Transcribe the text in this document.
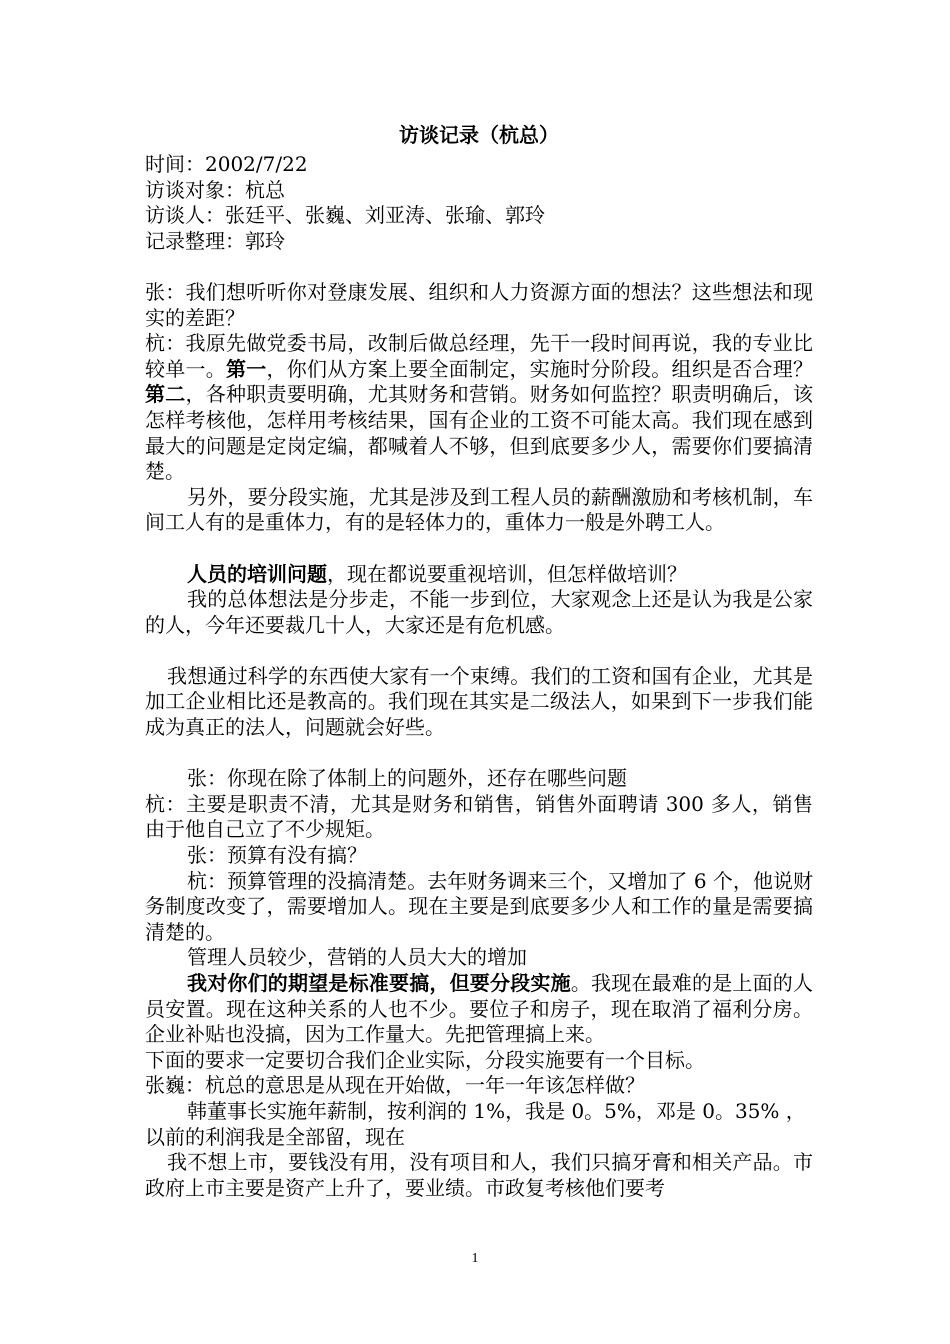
访谈记录（杭总）

时间：2002/7/22

访谈对象：杭总

访谈人：张廷平、张巍、刘亚涛、张瑜、郭玲

记录整理：郭玲

张：我们想听听你对登康发展、组织和人力资源方面的想法？这些想法和现实的差距？

杭：我原先做党委书局，改制后做总经理，先干一段时间再说，我的专业比较单一。第一，你们从方案上要全面制定，实施时分阶段。组织是否合理？第二，各种职责要明确，尤其财务和营销。财务如何监控？职责明确后，该怎样考核他，怎样用考核结果，国有企业的工资不可能太高。我们现在感到最大的问题是定岗定编，都喊着人不够，但到底要多少人，需要你们要搞清楚。

另外，要分段实施，尤其是涉及到工程人员的薪酬激励和考核机制，车间工人有的是重体力，有的是轻体力的，重体力一般是外聘工人。

人员的培训问题，现在都说要重视培训，但怎样做培训？

我的总体想法是分步走，不能一步到位，大家观念上还是认为我是公家的人，今年还要裁几十人，大家还是有危机感。

我想通过科学的东西使大家有一个束缚。我们的工资和国有企业，尤其是加工企业相比还是教高的。我们现在其实是二级法人，如果到下一步我们能成为真正的法人，问题就会好些。

张：你现在除了体制上的问题外，还存在哪些问题

杭：主要是职责不清，尤其是财务和销售，销售外面聘请 300 多人，销售由于他自己立了不少规矩。

张：预算有没有搞？

杭：预算管理的没搞清楚。去年财务调来三个，又增加了 6 个，他说财务制度改变了，需要增加人。现在主要是到底要多少人和工作的量是需要搞清楚的。

管理人员较少，营销的人员大大的增加

我对你们的期望是标准要搞，但要分段实施。我现在最难的是上面的人员安置。现在这种关系的人也不少。要位子和房子，现在取消了福利分房。企业补贴也没搞，因为工作量大。先把管理搞上来。

下面的要求一定要切合我们企业实际，分段实施要有一个目标。

张巍：杭总的意思是从现在开始做，一年一年该怎样做？

韩董事长实施年薪制，按利润的 1%，我是 0。5%，邓是 0。35% ，

以前的利润我是全部留，现在

我不想上市，要钱没有用，没有项目和人，我们只搞牙膏和相关产品。市政府上市主要是资产上升了，要业绩。市政复考核他们要考

1
